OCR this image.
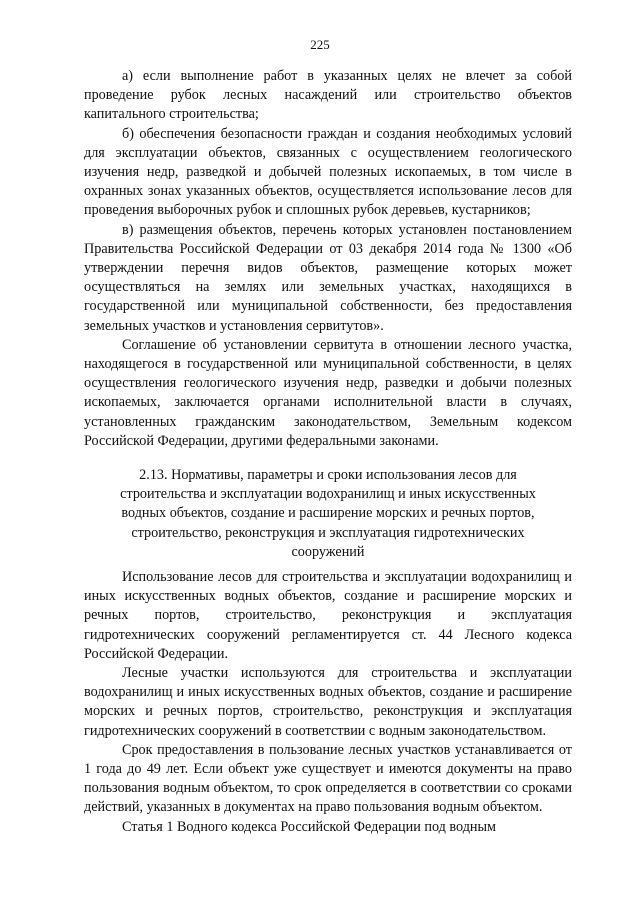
225

а) если выполнение работ в указанных целях не влечет за собой проведение рубок лесных насаждений или строительство объектов капитального строительства;

б) обеспечения безопасности граждан и создания необходимых условий для эксплуатации объектов, связанных с осуществлением геологического изучения недр, разведкой и добычей полезных ископаемых, в том числе в охранных зонах указанных объектов, осуществляется использование лесов для проведения выборочных рубок и сплошных рубок деревьев, кустарников;

в) размещения объектов, перечень которых установлен постановлением Правительства Российской Федерации от 03 декабря 2014 года № 1300 «Об утверждении перечня видов объектов, размещение которых может осуществляться на землях или земельных участках, находящихся в государственной или муниципальной собственности, без предоставления земельных участков и установления сервитутов».

Соглашение об установлении сервитута в отношении лесного участка, находящегося в государственной или муниципальной собственности, в целях осуществления геологического изучения недр, разведки и добычи полезных ископаемых, заключается органами исполнительной власти в случаях, установленных гражданским законодательством, Земельным кодексом Российской Федерации, другими федеральными законами.

2.13. Нормативы, параметры и сроки использования лесов для строительства и эксплуатации водохранилищ и иных искусственных водных объектов, создание и расширение морских и речных портов, строительство, реконструкция и эксплуатация гидротехнических сооружений

Использование лесов для строительства и эксплуатации водохранилищ и иных искусственных водных объектов, создание и расширение морских и речных портов, строительство, реконструкция и эксплуатация гидротехнических сооружений регламентируется ст. 44 Лесного кодекса Российской Федерации.

Лесные участки используются для строительства и эксплуатации водохранилищ и иных искусственных водных объектов, создание и расширение морских и речных портов, строительство, реконструкция и эксплуатация гидротехнических сооружений в соответствии с водным законодательством.

Срок предоставления в пользование лесных участков устанавливается от 1 года до 49 лет. Если объект уже существует и имеются документы на право пользования водным объектом, то срок определяется в соответствии со сроками действий, указанных в документах на право пользования водным объектом.

Статья 1 Водного кодекса Российской Федерации под водным
